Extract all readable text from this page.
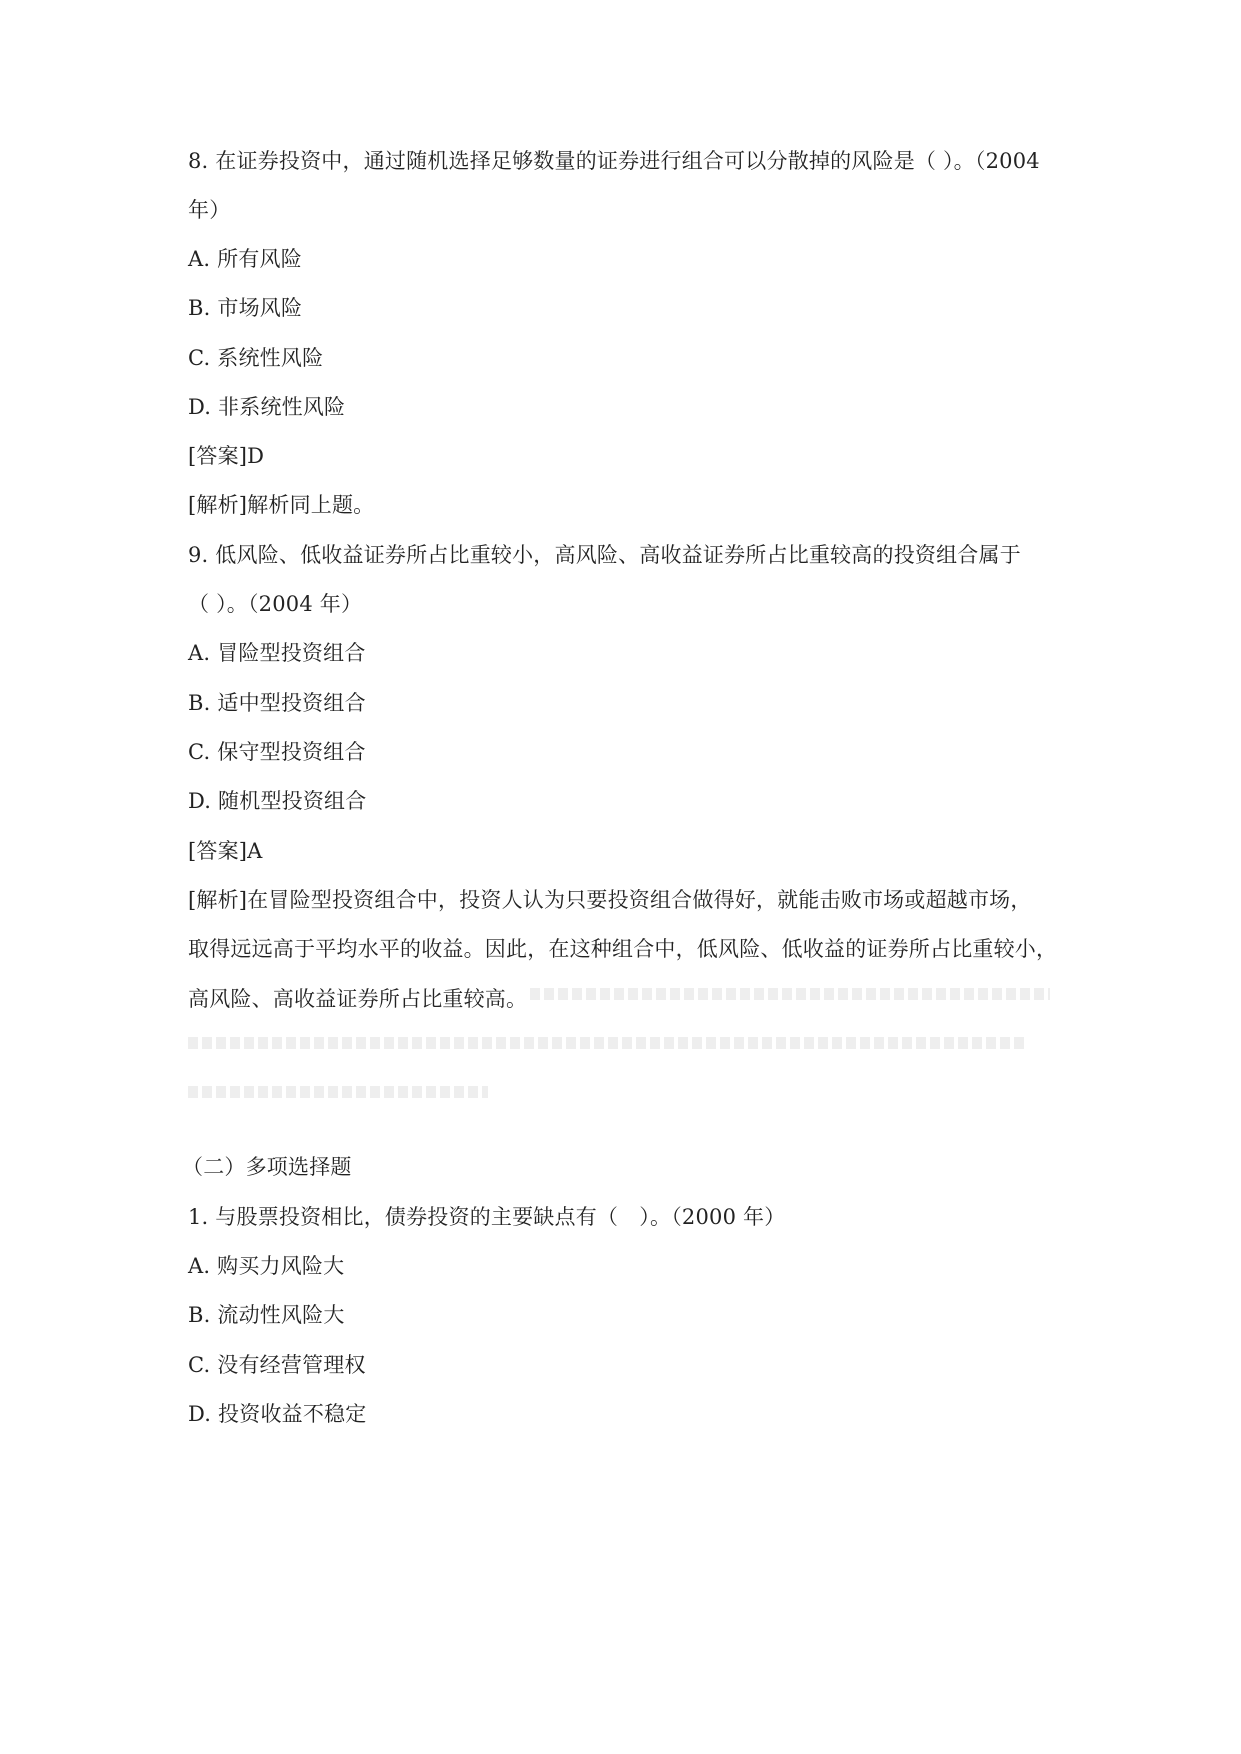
8. 在证券投资中，通过随机选择足够数量的证券进行组合可以分散掉的风险是（ ）。（2004
年）
A. 所有风险
B. 市场风险
C. 系统性风险
D. 非系统性风险
[答案]D
[解析]解析同上题。
9. 低风险、低收益证券所占比重较小，高风险、高收益证券所占比重较高的投资组合属于
（ ）。（2004 年）
A. 冒险型投资组合
B. 适中型投资组合
C. 保守型投资组合
D. 随机型投资组合
[答案]A
[解析]在冒险型投资组合中，投资人认为只要投资组合做得好，就能击败市场或超越市场，
取得远远高于平均水平的收益。因此，在这种组合中，低风险、低收益的证券所占比重较小，
高风险、高收益证券所占比重较高。
（二）多项选择题
1. 与股票投资相比，债券投资的主要缺点有（　）。（2000 年）
A. 购买力风险大
B. 流动性风险大
C. 没有经营管理权
D. 投资收益不稳定
